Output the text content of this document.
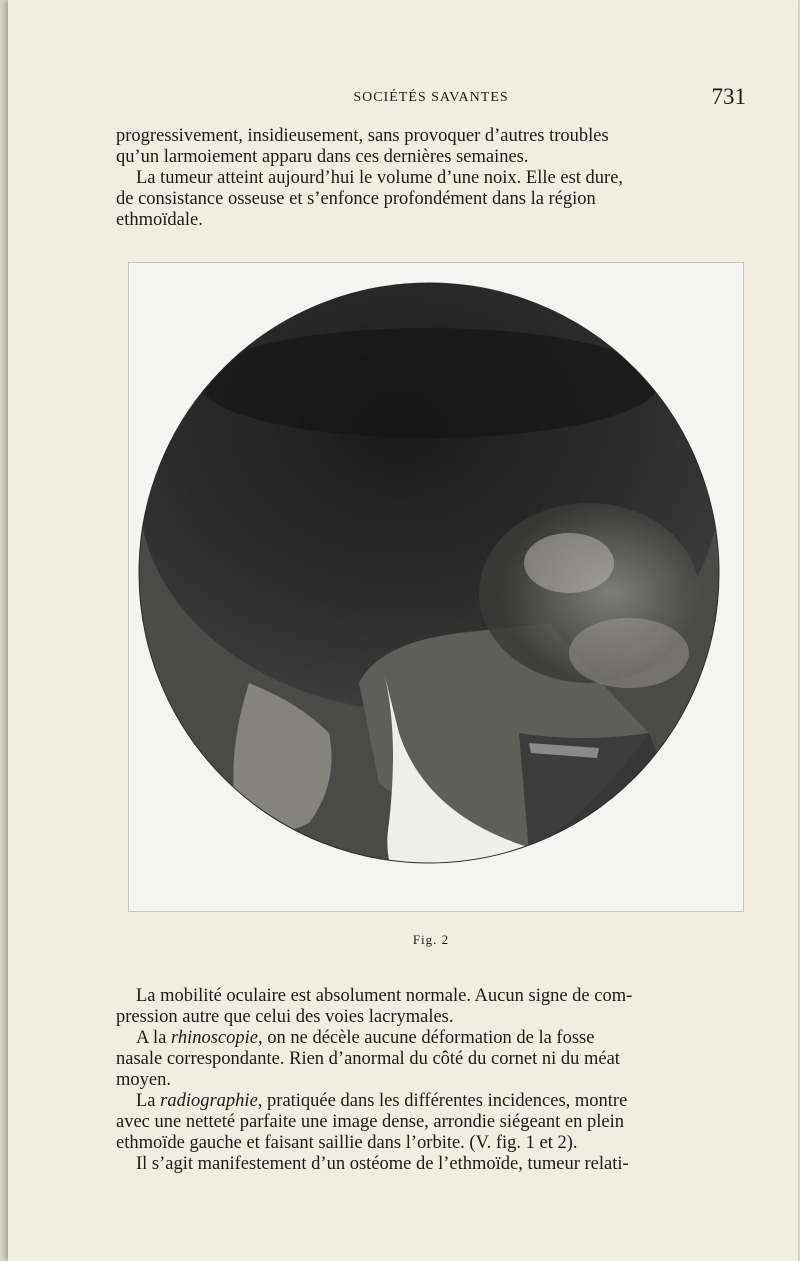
SOCIÉTÉS SAVANTES	731
progressivement, insidieusement, sans provoquer d’autres troubles
qu’un larmoiement apparu dans ces dernières semaines.
La tumeur atteint aujourd’hui le volume d’une noix. Elle est dure,
de consistance osseuse et s’enfonce profondément dans la région
ethmoïdale.
Fig. 2
La mobilité oculaire est absolument normale. Aucun signe de com-
pression autre que celui des voies lacrymales.
A la rhinoscopie, on ne décèle aucune déformation de la fosse
nasale correspondante. Rien d’anormal du côté du cornet ni du méat
moyen.
La radiographie, pratiquée dans les différentes incidences, montre
avec une netteté parfaite une image dense, arrondie siégeant en plein
ethmoïde gauche et faisant saillie dans l’orbite. (V. fig. 1 et 2).
Il s’agit manifestement d’un ostéome de l’ethmoïde, tumeur relati-
